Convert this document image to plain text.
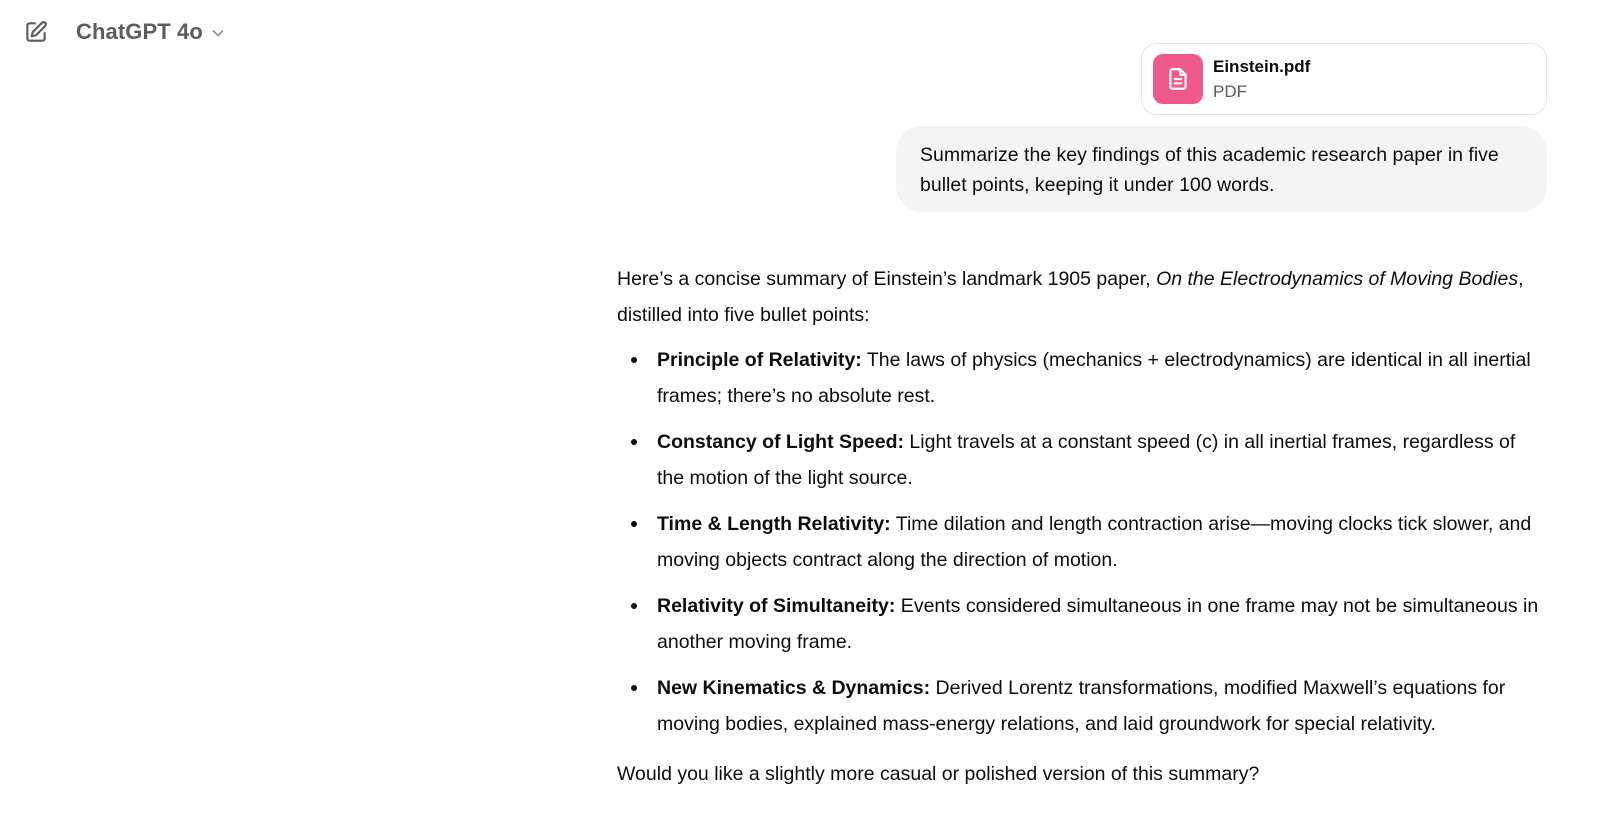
ChatGPT 4o
Einstein.pdf
PDF
Summarize the key findings of this academic research paper in five bullet points, keeping it under 100 words.

Here’s a concise summary of Einstein’s landmark 1905 paper, On the Electrodynamics of Moving Bodies, distilled into five bullet points:

Principle of Relativity: The laws of physics (mechanics + electrodynamics) are identical in all inertial frames; there’s no absolute rest.
Constancy of Light Speed: Light travels at a constant speed (c) in all inertial frames, regardless of the motion of the light source.
Time & Length Relativity: Time dilation and length contraction arise—moving clocks tick slower, and moving objects contract along the direction of motion.
Relativity of Simultaneity: Events considered simultaneous in one frame may not be simultaneous in another moving frame.
New Kinematics & Dynamics: Derived Lorentz transformations, modified Maxwell’s equations for moving bodies, explained mass-energy relations, and laid groundwork for special relativity.

Would you like a slightly more casual or polished version of this summary?
